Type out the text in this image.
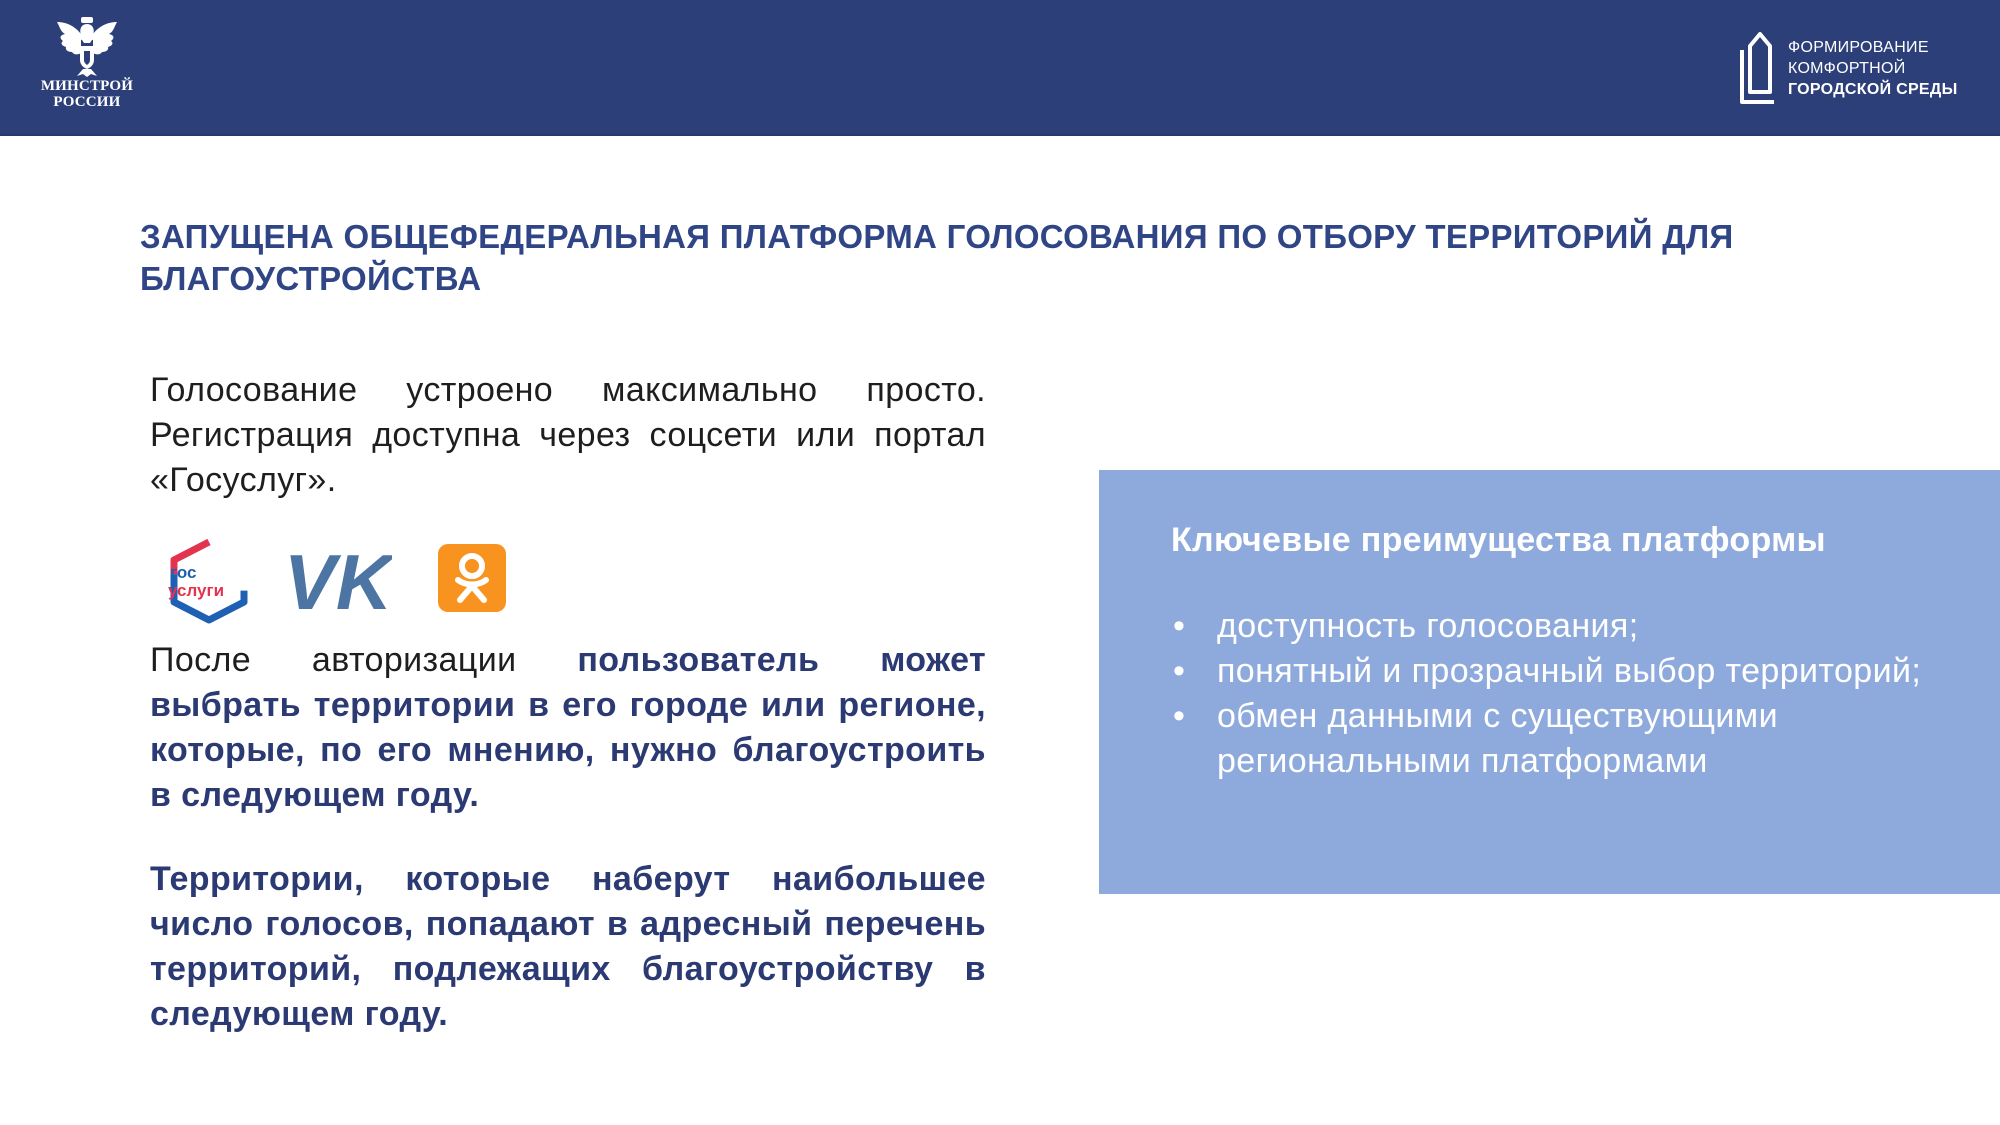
МИНСТРОЙ
РОССИИ
ФОРМИРОВАНИЕ
КОМФОРТНОЙ
ГОРОДСКОЙ СРЕДЫ
ЗАПУЩЕНА ОБЩЕФЕДЕРАЛЬНАЯ ПЛАТФОРМА ГОЛОСОВАНИЯ ПО ОТБОРУ ТЕРРИТОРИЙ ДЛЯ БЛАГОУСТРОЙСТВА

Голосование устроено максимально просто. Регистрация доступна через соцсети или портал «Госуслуг».

гос
услуги VK

После авторизации пользователь может выбрать территории в его городе или регионе, которые, по его мнению, нужно благоустроить в следующем году.

Территории, которые наберут наибольшее число голосов, попадают в адресный перечень территорий, подлежащих благоустройству в следующем году.

Ключевые преимущества платформы
• доступность голосования;
• понятный и прозрачный выбор территорий;
• обмен данными с существующими региональными платформами
